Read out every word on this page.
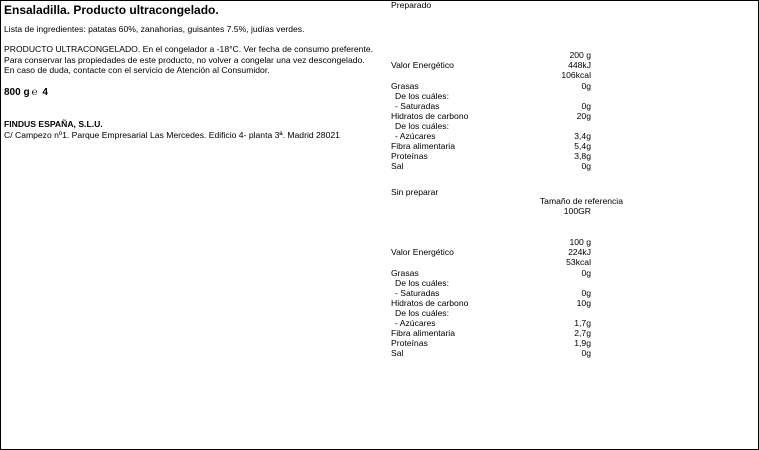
Ensaladilla. Producto ultracongelado.
Lista de ingredientes: patatas 60%, zanahorias, guisantes 7.5%, judías verdes.
PRODUCTO ULTRACONGELADO. En el congelador a -18°C. Ver fecha de consumo preferente. Para conservar las propiedades de este producto, no volver a congelar una vez descongelado. En caso de duda, contacte con el servicio de Atención al Consumidor.
800 g ℮ 4
FINDUS ESPAÑA, S.L.U.
C/ Campezo nº1. Parque Empresarial Las Mercedes. Edificio 4- planta 3ª. Madrid 28021
Preparado
200 g
Valor Energético	448kJ
106kcal
Grasas	0g
De los cuáles:
- Saturadas	0g
Hidratos de carbono	20g
De los cuáles:
- Azúcares	3,4g
Fibra alimentaria	5,4g
Proteínas	3,8g
Sal	0g
Sin preparar
Tamaño de referencia
100GR
100 g
Valor Energético	224kJ
53kcal
Grasas	0g
De los cuáles:
- Saturadas	0g
Hidratos de carbono	10g
De los cuáles:
- Azúcares	1,7g
Fibra alimentaria	2,7g
Proteínas	1,9g
Sal	0g
